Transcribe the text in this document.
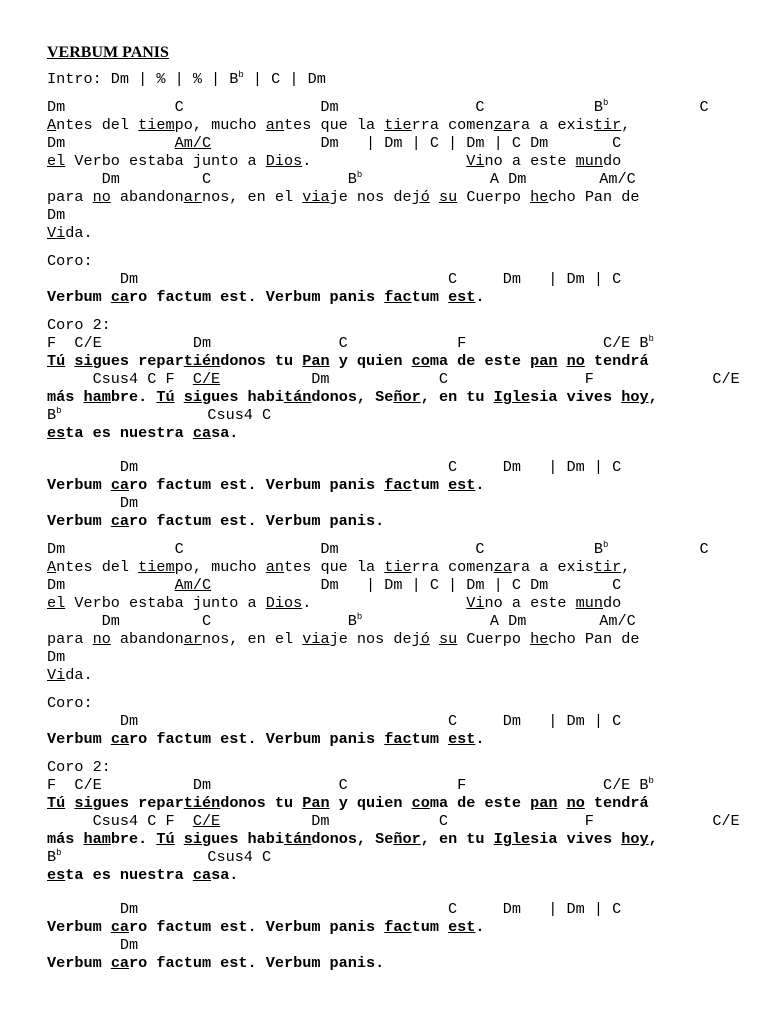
VERBUM PANIS
Intro: Dm | % | % | $B^b$ | C | Dm
Dm            C               Dm               C            $B^b$          C
Antes del tiempo, mucho antes que la tierra comenzara a existir,
Dm            Am/C            Dm   | Dm | C | Dm | C Dm       C
el Verbo estaba junto a Dios.                 Vino a este mundo
Dm         C               $B^b$              A Dm        Am/C
para no abandonarnos, en el viaje nos dejó su Cuerpo hecho Pan de
Dm
Vida.
Coro:
Dm                                  C     Dm   | Dm | C
Verbum caro factum est. Verbum panis factum est.
Coro 2:
F  C/E          Dm              C            F               C/E $B^b$
Tú sigues repartiéndonos tu Pan y quien coma de este pan no tendrá
Csus4 C F  C/E          Dm            C               F             C/E
más hambre. Tú sigues habitándonos, Señor, en tu Iglesia vives hoy,
$B^b$                Csus4 C
esta es nuestra casa.
Dm                                  C     Dm   | Dm | C
Verbum caro factum est. Verbum panis factum est.
Dm
Verbum caro factum est. Verbum panis.
Dm            C               Dm               C            $B^b$          C
Antes del tiempo, mucho antes que la tierra comenzara a existir,
Dm            Am/C            Dm   | Dm | C | Dm | C Dm       C
el Verbo estaba junto a Dios.                 Vino a este mundo
Dm         C               $B^b$              A Dm        Am/C
para no abandonarnos, en el viaje nos dejó su Cuerpo hecho Pan de
Dm
Vida.
Coro:
Dm                                  C     Dm   | Dm | C
Verbum caro factum est. Verbum panis factum est.
Coro 2:
F  C/E          Dm              C            F               C/E $B^b$
Tú sigues repartiéndonos tu Pan y quien coma de este pan no tendrá
Csus4 C F  C/E          Dm            C               F             C/E
más hambre. Tú sigues habitándonos, Señor, en tu Iglesia vives hoy,
$B^b$                Csus4 C
esta es nuestra casa.
Dm                                  C     Dm   | Dm | C
Verbum caro factum est. Verbum panis factum est.
Dm
Verbum caro factum est. Verbum panis.
